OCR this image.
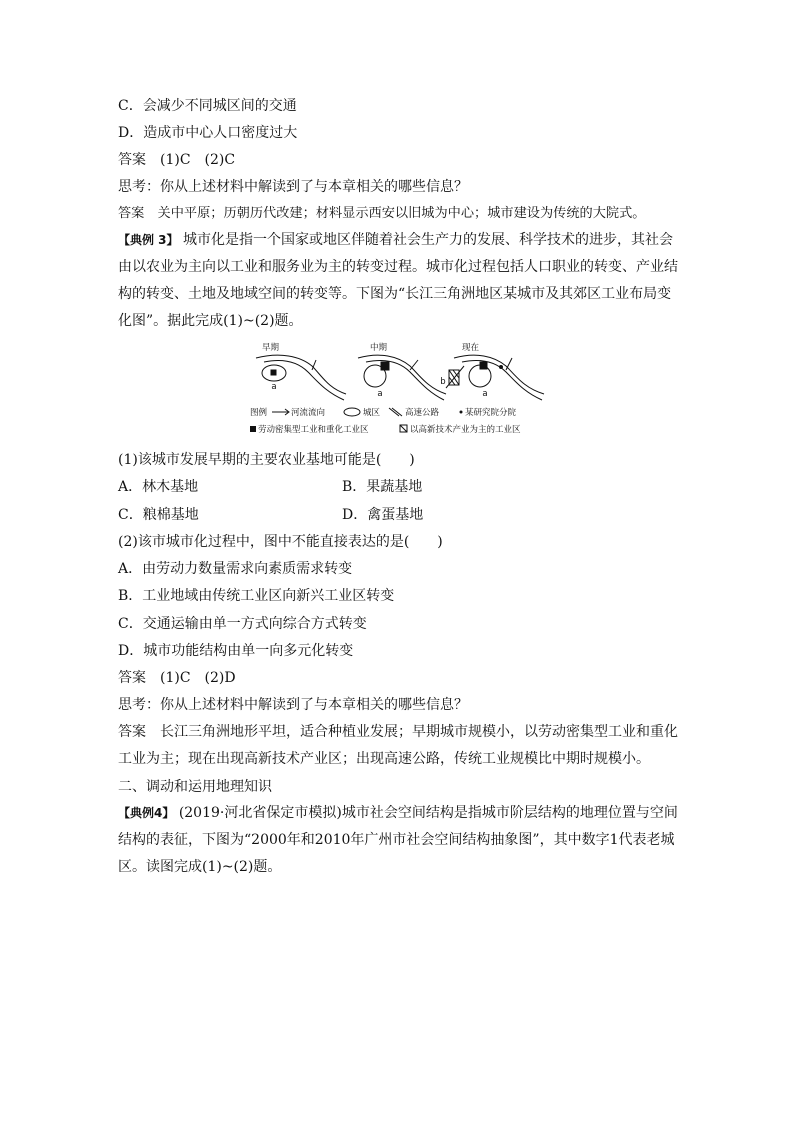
C．会减少不同城区间的交通
D．造成市中心人口密度过大
答案　(1)C　(2)C
思考：你从上述材料中解读到了与本章相关的哪些信息？
答案　关中平原；历朝历代改建；材料显示西安以旧城为中心；城市建设为传统的大院式。
【典例 3】 城市化是指一个国家或地区伴随着社会生产力的发展、科学技术的进步，其社会由以农业为主向以工业和服务业为主的转变过程。城市化过程包括人口职业的转变、产业结构的转变、土地及地域空间的转变等。下图为“长江三角洲地区某城市及其郊区工业布局变化图”。据此完成(1)~(2)题。
早期	中期	现在
a
a
b
a
图例	河流流向	城区	高速公路	某研究院分院
劳动密集型工业和重化工业区	以高新技术产业为主的工业区
(1)该城市发展早期的主要农业基地可能是(　　)
A．林木基地	B．果蔬基地
C．粮棉基地	D．禽蛋基地
(2)该市城市化过程中，图中不能直接表达的是(　　)
A．由劳动力数量需求向素质需求转变
B．工业地域由传统工业区向新兴工业区转变
C．交通运输由单一方式向综合方式转变
D．城市功能结构由单一向多元化转变
答案　(1)C　(2)D
思考：你从上述材料中解读到了与本章相关的哪些信息？
答案　长江三角洲地形平坦，适合种植业发展；早期城市规模小，以劳动密集型工业和重化工业为主；现在出现高新技术产业区；出现高速公路，传统工业规模比中期时规模小。
二、调动和运用地理知识
【典例4】 (2019·河北省保定市模拟)城市社会空间结构是指城市阶层结构的地理位置与空间结构的表征，下图为“2000年和2010年广州市社会空间结构抽象图”，其中数字1代表老城区。读图完成(1)~(2)题。
